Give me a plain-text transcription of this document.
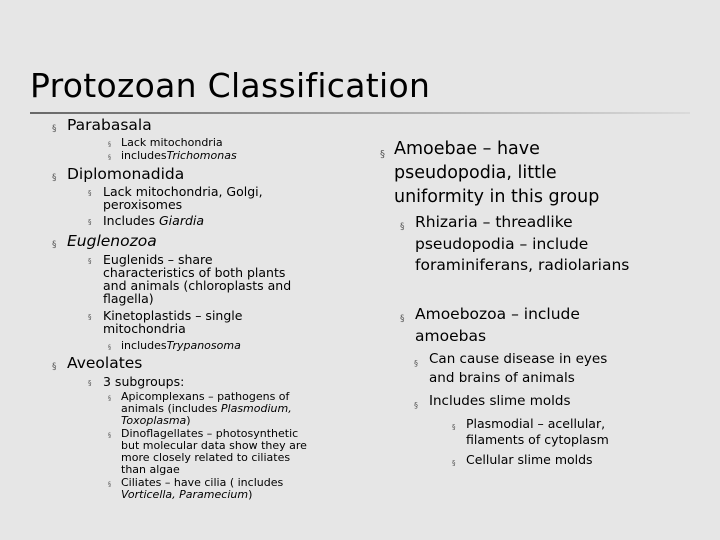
Protozoan Classification
§ Parabasala
§ Lack mitochondria
§ includesTrichomonas
§ Diplomonadida
§ Lack mitochondria, Golgi, peroxisomes
§ Includes Giardia
§ Euglenozoa
§ Euglenids – share characteristics of both plants and animals (chloroplasts and flagella)
§ Kinetoplastids – single mitochondria
§ includesTrypanosoma
§ Aveolates
§ 3 subgroups:
§ Apicomplexans – pathogens of animals (includes Plasmodium, Toxoplasma)
§ Dinoflagellates – photosynthetic but molecular data show they are more closely related to ciliates than algae
§ Ciliates – have cilia ( includes Vorticella, Paramecium)
§ Amoebae – have pseudopodia, little uniformity in this group
§ Rhizaria – threadlike pseudopodia – include foraminiferans, radiolarians
§ Amoebozoa – include amoebas
§ Can cause disease in eyes and brains of animals
§ Includes slime molds
§ Plasmodial – acellular, filaments of cytoplasm
§ Cellular slime molds
